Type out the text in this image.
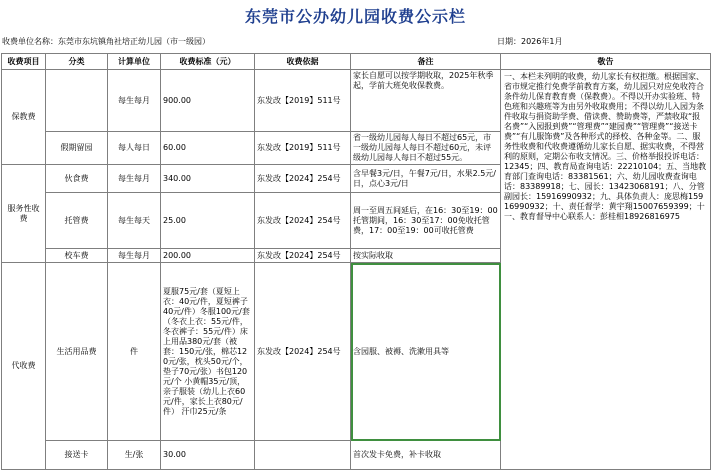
东莞市公办幼儿园收费公示栏
收费单位名称：东莞市东坑镇角社培正幼儿园（市一级园）	日期：2026年1月
收费项目	分类	计算单位	收费标准（元）	收费依据	备注	敬告
保教费		每生每月	900.00	东发改【2019】511号	家长自愿可以按学期收取，2025年秋季起，学前大班免收保教费。	一、本栏未列明的收费，幼儿家长有权拒缴。根据国家、省市规定推行免费学前教育方案，幼儿园只对应免收符合条件幼儿保育教育费（保教费）。不得以开办实验班、特色班和兴趣班等为由另外收取费用；不得以幼儿入园为条件收取与捐资助学费、借读费、赞助费等，严禁收取“报名费”“入园报到费”“管理费”“建园费”“管理费”“接送卡费”“有儿服饰费”及各种形式的择校、各种金等。二、服务性收费和代收费遵循幼儿家长自愿、据实收费，不得营利的原则，定期公布收支情况。三、价格举报投诉电话：12345；四、教育局查询电话：22210104；五、当地教育部门查询电话：83381561；六、幼儿园收费查询电话：83389918；七、园长：13423068191；八、分管副园长：15916990932；九、具体负责人：庞思梅15916990932；十、责任督学：黄宇翔15007659399；十一、教育督导中心联系人：彭桂相18926816975
	假期留园	每人每日	60.00	东发改【2019】511号	省一级幼儿园每人每日不超过65元，市一级幼儿园每人每日不超过60元，未评级幼儿园每人每日不超过55元。	
服务性收费	伙食费	每生每月	340.00	东发改【2024】254号	含早餐3元/日，午餐7元/日，水果2.5元/日，点心3元/日	
	托管费	每生每天	25.00	东发改【2024】254号	周一至周五间延后，在16：30至19：00托管期间，16：30至17：00免收托管费，17：00至19：00可收托管费	
	校车费	每生每月	200.00	东发改【2024】254号	按实际收取	
代收费	生活用品费	件	夏服75元/套（夏短上衣：40元/件，夏短裤子40元/件）冬服100元/套（冬衣上衣：55元/件，冬衣裤子：55元/件）床上用品380元/套（被套：150元/张，棉芯120元/张，枕头50元/个，垫子70元/张）书包120元/个 小黄帽35元/顶，亲子服装（幼儿上衣60元/件，家长上衣80元/件） 汗巾25元/条	东发改【2024】254号	含园服、被褥、洗漱用具等	
	接送卡	生/张	30.00		首次发卡免费，补卡收取	
